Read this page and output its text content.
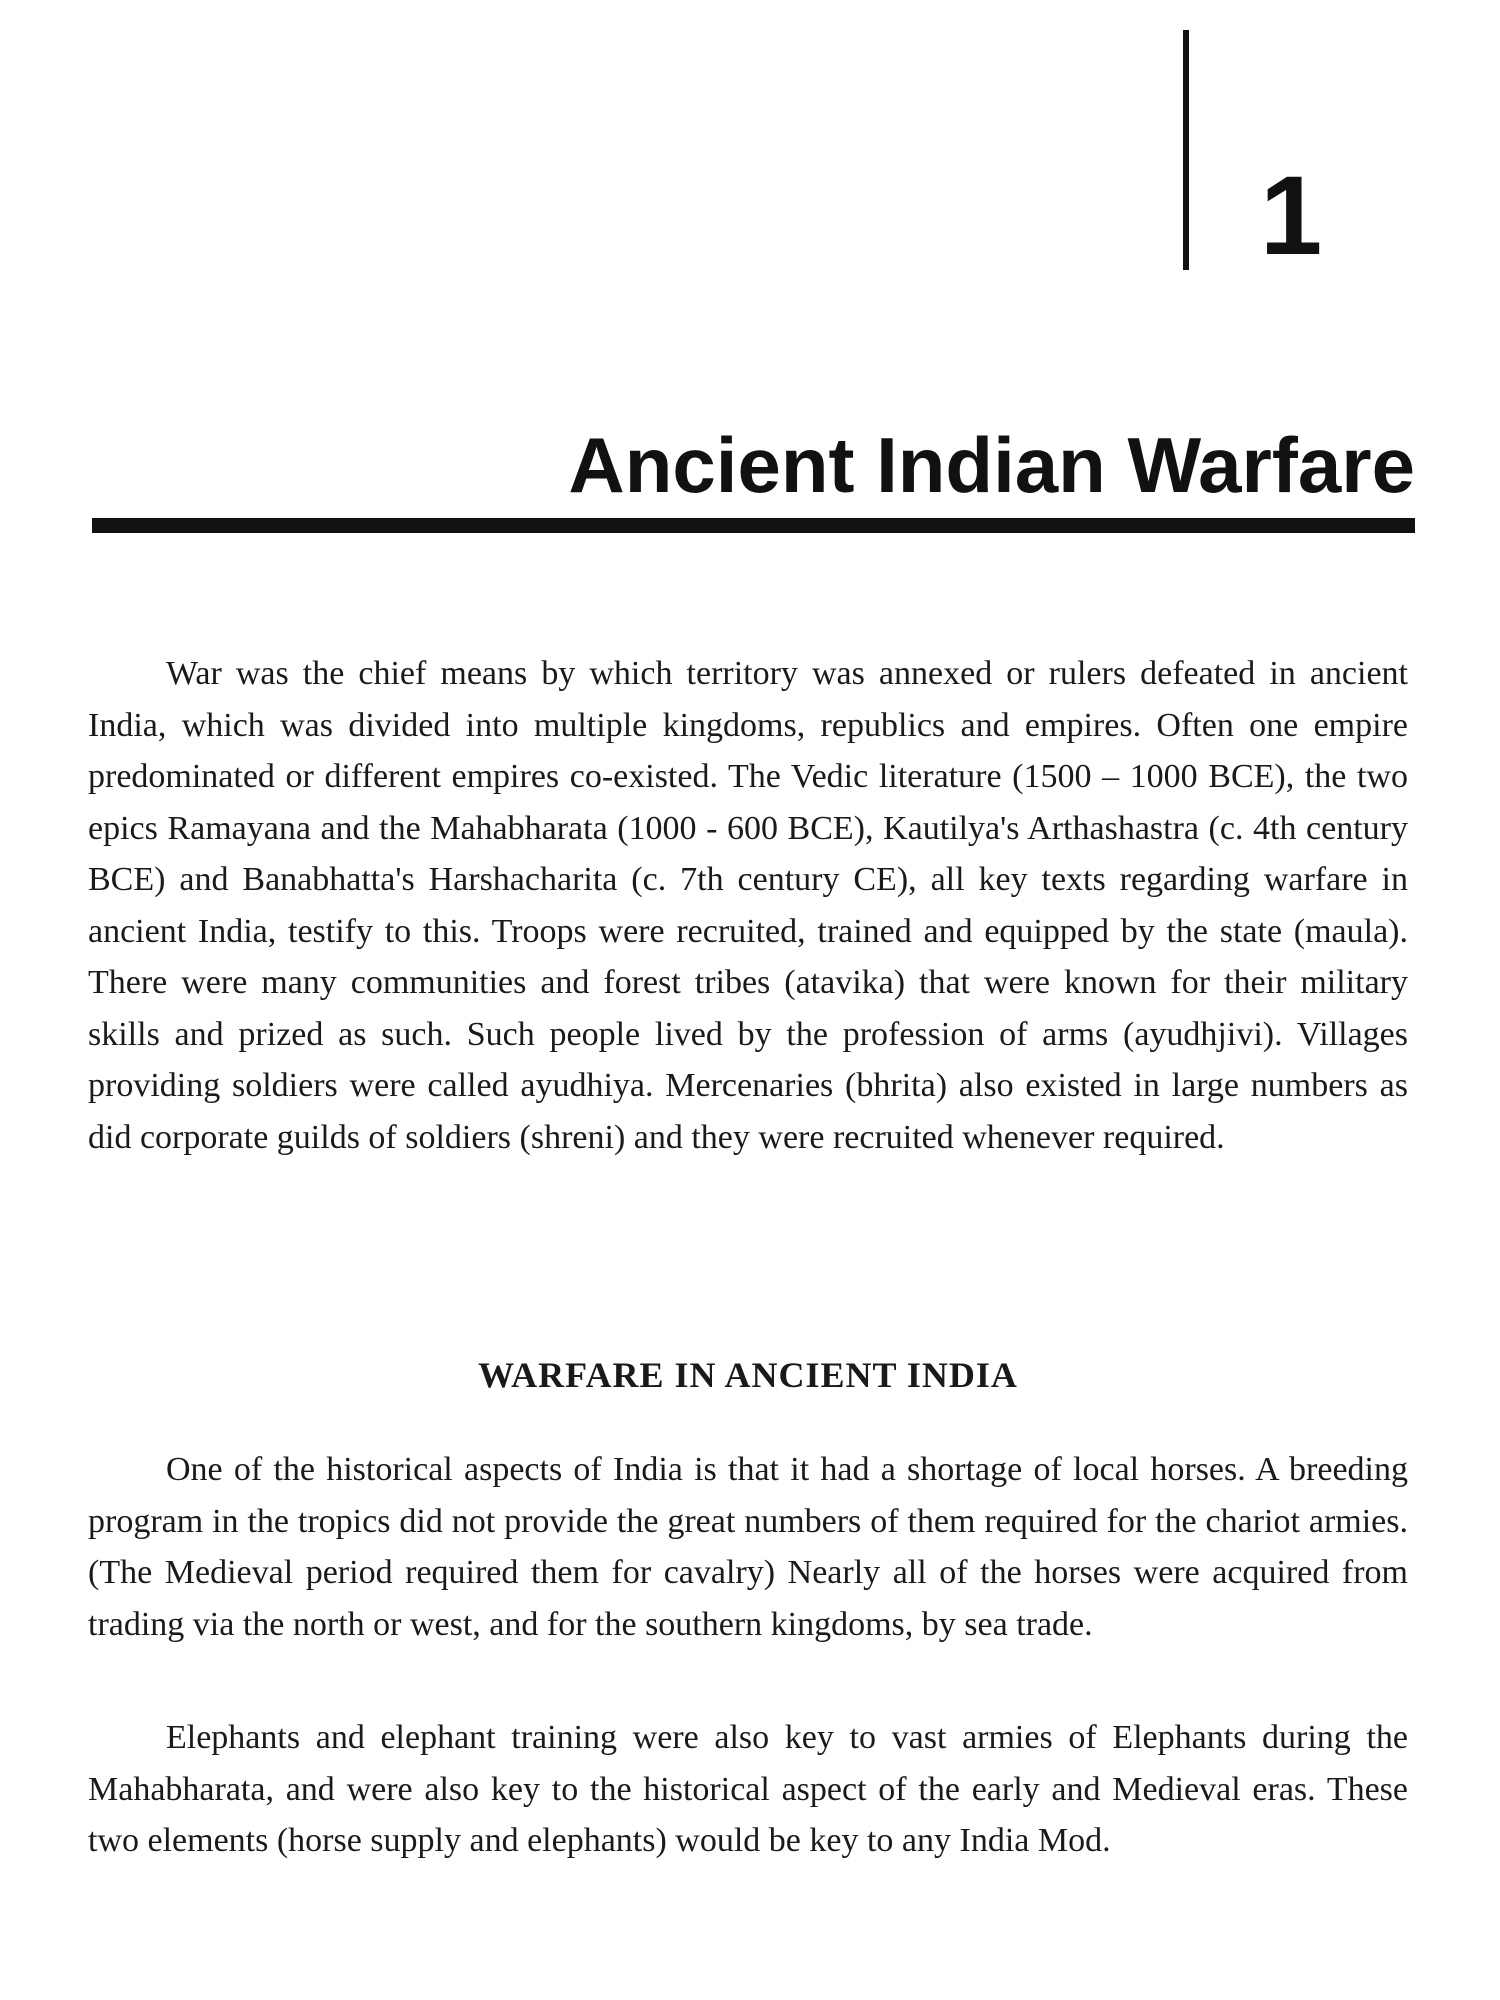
1
Ancient Indian Warfare

War was the chief means by which territory was annexed or rulers defeated in ancient India, which was divided into multiple kingdoms, republics and empires. Often one empire predominated or different empires co-existed. The Vedic literature (1500 – 1000 BCE), the two epics Ramayana and the Mahabharata (1000 - 600 BCE), Kautilya's Arthashastra (c. 4th century BCE) and Banabhatta's Harshacharita (c. 7th century CE), all key texts regarding warfare in ancient India, testify to this. Troops were recruited, trained and equipped by the state (maula). There were many communities and forest tribes (atavika) that were known for their military skills and prized as such. Such people lived by the profession of arms (ayudhjivi). Villages providing soldiers were called ayudhiya. Mercenaries (bhrita) also existed in large numbers as did corporate guilds of soldiers (shreni) and they were recruited whenever required.

WARFARE IN ANCIENT INDIA

One of the historical aspects of India is that it had a shortage of local horses. A breeding program in the tropics did not provide the great numbers of them required for the chariot armies. (The Medieval period required them for cavalry) Nearly all of the horses were acquired from trading via the north or west, and for the southern kingdoms, by sea trade.

Elephants and elephant training were also key to vast armies of Elephants during the Mahabharata, and were also key to the historical aspect of the early and Medieval eras. These two elements (horse supply and elephants) would be key to any India Mod.
